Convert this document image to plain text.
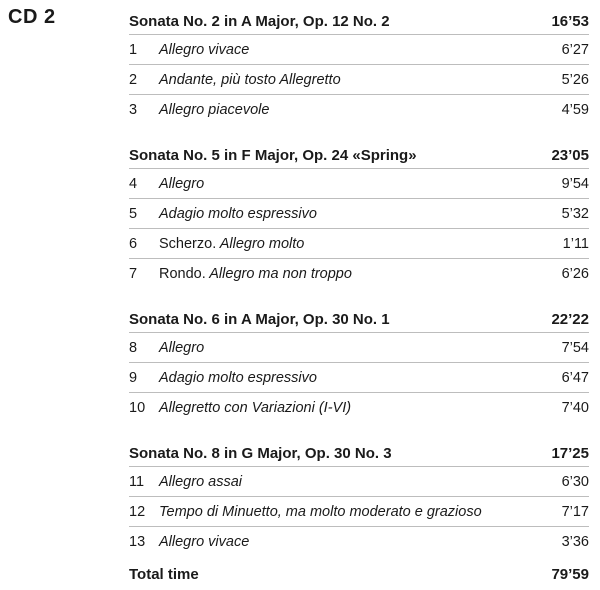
CD 2	Sonata No. 2 in A Major, Op. 12 No. 2	16’53
1	Allegro vivace	6’27
2	Andante, più tosto Allegretto	5’26
3	Allegro piacevole	4’59
Sonata No. 5 in F Major, Op. 24 «Spring»	23’05
4	Allegro	9’54
5	Adagio molto espressivo	5’32
6	Scherzo. Allegro molto	1’11
7	Rondo. Allegro ma non troppo	6’26
Sonata No. 6 in A Major, Op. 30 No. 1	22’22
8	Allegro	7’54
9	Adagio molto espressivo	6’47
10 Allegretto con Variazioni (I-VI)	7’40
Sonata No. 8 in G Major, Op. 30 No. 3	17’25
11	Allegro assai	6’30
12 Tempo di Minuetto, ma molto moderato e grazioso	7’17
13 Allegro vivace	3’36
Total time	79’59
